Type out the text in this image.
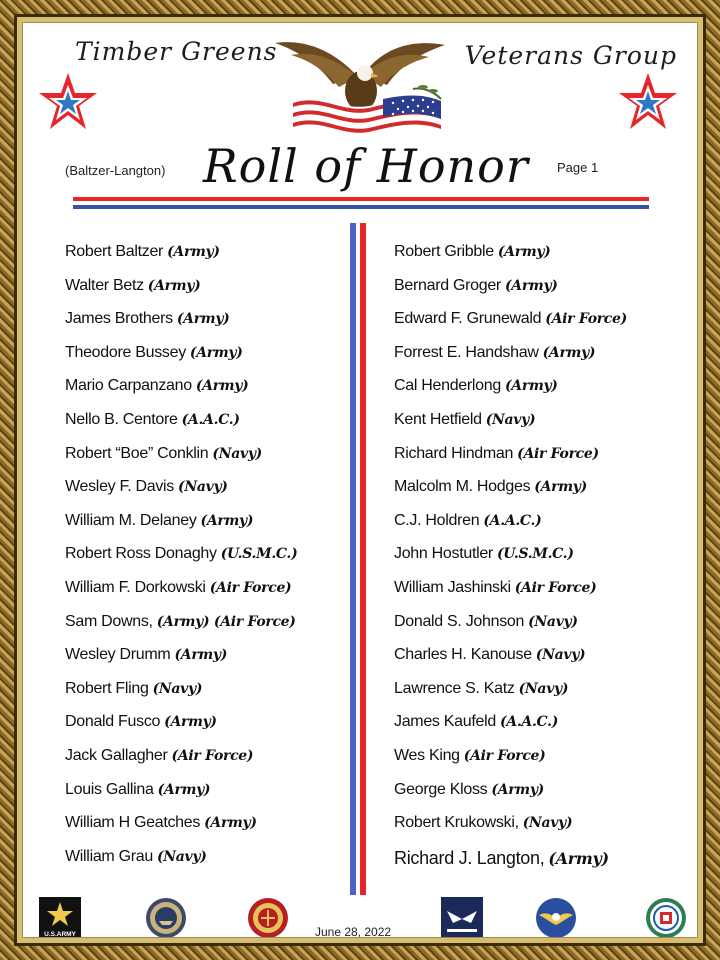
Timber Greens	Veterans Group
(Baltzer-Langton) Roll of Honor Page 1
Robert Baltzer (Army)
Walter Betz (Army)
James Brothers (Army)
Theodore Bussey (Army)
Mario Carpanzano (Army)
Nello B. Centore (A.A.C.)
Robert “Boe” Conklin (Navy)
Wesley F. Davis (Navy)
William M. Delaney (Army)
Robert Ross Donaghy (U.S.M.C.)
William F. Dorkowski (Air Force)
Sam Downs, (Army) (Air Force)
Wesley Drumm (Army)
Robert Fling (Navy)
Donald Fusco (Army)
Jack Gallagher (Air Force)
Louis Gallina (Army)
William H Geatches (Army)
William Grau (Navy)
Robert Gribble (Army)
Bernard Groger (Army)
Edward F. Grunewald (Air Force)
Forrest E. Handshaw (Army)
Cal Henderlong (Army)
Kent Hetfield (Navy)
Richard Hindman (Air Force)
Malcolm M. Hodges (Army)
C.J. Holdren (A.A.C.)
John Hostutler (U.S.M.C.)
William Jashinski (Air Force)
Donald S. Johnson (Navy)
Charles H. Kanouse (Navy)
Lawrence S. Katz (Navy)
James Kaufeld (A.A.C.)
Wes King (Air Force)
George Kloss (Army)
Robert Krukowski, (Navy)
Richard J. Langton, (Army)
U.S.ARMY	June 28, 2022
